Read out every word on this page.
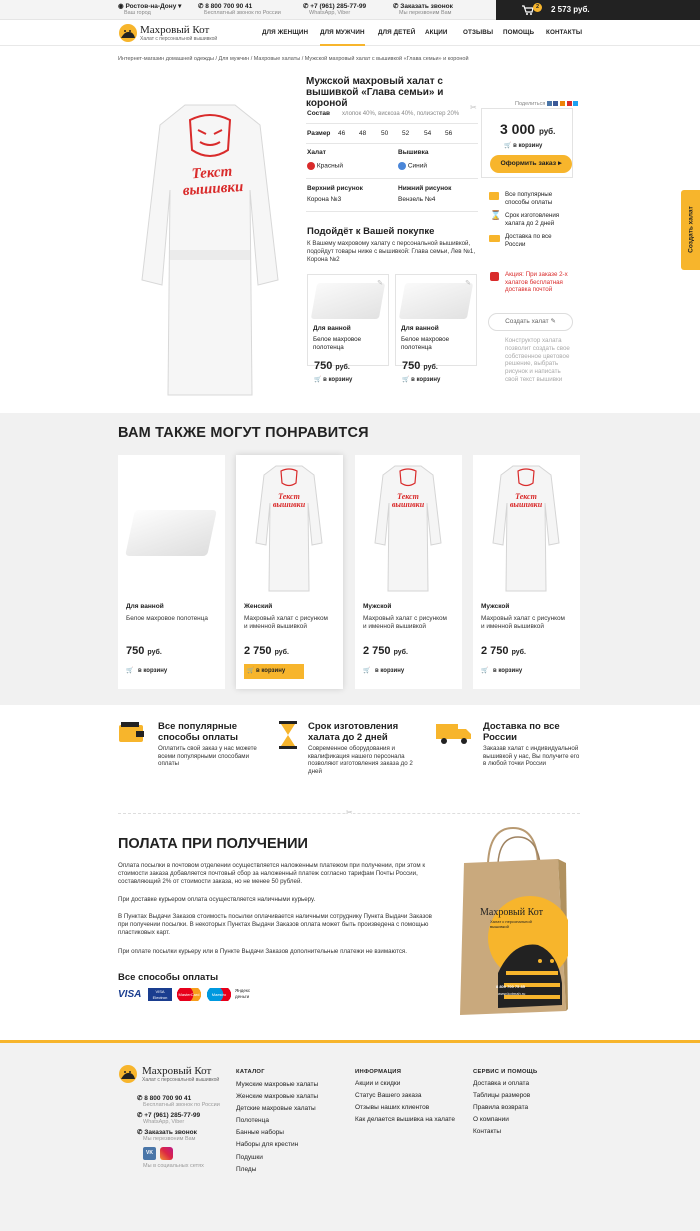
◉ Ростов-на-Дону ▾
Ваш город
✆ 8 800 700 90 41
Бесплатный звонок по России
✆ +7 (961) 285-77-99
WhatsApp, Viber
✆ Заказать звонок
Мы перезвоним Вам
2	2 573 руб.
Махровый Кот
Халат с персональной вышивкой
ДЛЯ ЖЕНЩИН ДЛЯ МУЖЧИН ДЛЯ ДЕТЕЙ АКЦИИ ОТЗЫВЫ ПОМОЩЬ КОНТАКТЫ
Интернет-магазин домашней одежды / Для мужчин / Махровые халаты / Мужской махровый халат с вышивкой «Глава семьи» и короной
Текст вышивки
Мужской махровый халат с вышивкой «Глава семьи» и короной
Состав хлопок 40%, вискоза 40%, полиэстер 20%
Размер 46 48 50 52 54 56
Халат
Красный
Вышивка
Синий
Верхний рисунок
Корона №3
Нижний рисунок
Вензель №4
Подойдёт к Вашей покупке
К Вашему махровому халату с персональной вышивкой, подойдут товары ниже с вышивкой: Глава семьи, Лев №1, Корона №2
✎
Для ванной
Белое махровое полотенца
750 руб.
🛒 в корзину
✎
Для ванной
Белое махровое полотенца
750 руб.
🛒 в корзину
Поделиться
✂
3 000 руб.
🛒 в корзину
Оформить заказ ▸
Все популярные способы оплаты
⌛ Срок изготовления халата до 2 дней
Доставка по все России
Акция: При заказе 2-х халатов бесплатная доставка почтой
Создать халат ✎
Конструктор халата позволит создать свое собственное цветовое решение, выбрать рисунок и написать свой текст вышивки
Создать халат
ВАМ ТАКЖЕ МОГУТ ПОНРАВИТСЯ
Для ванной
Белое махровое полотенца
750 руб.
🛒 в корзину
Текст вышивки
Женский
Махровый халат с рисунком и именной вышивкой
2 750 руб.
🛒 в корзину
Текст вышивки
Мужской
Махровый халат с рисунком и именной вышивкой
2 750 руб.
🛒 в корзину
Текст вышивки
Мужской
Махровый халат с рисунком и именной вышивкой
2 750 руб.
🛒 в корзину
Все популярные способы оплаты

Оплатить свой заказ у нас можете всеми популярными способами оплаты

Срок изготовления халата до 2 дней

Современное оборудования и квалификация нашего персонала позволяют изготовления заказа до 2 дней

Доставка по все России

Заказав халат с индивидуальной вышивкой у нас, Вы получите его в любой точки России

✂
ПОЛАТА ПРИ ПОЛУЧЕНИИ
Оплата посылки в почтовом отделении осуществляется наложенным платежом при получении, при этом к стоимости заказа добавляется почтовый сбор за наложенный платеж согласно тарифам Почты России, составляющий 2% от стоимости заказа, но не менее 50 рублей.
При доставке курьером оплата осуществляется наличными курьеру.
В Пунктах Выдачи Заказов стоимость посылки оплачивается наличными сотруднику Пункта Выдачи Заказов при получении посылки. В некоторых Пунктах Выдачи Заказов оплата может быть произведена с помощью пластиковых карт.
При оплате посылки курьеру или в Пункте Выдачи Заказов дополнительные платежи не взимаются.
Все способы оплаты
VISA	VISA Electron
MasterCard	Maestro
Яндекс деньги
Махровый Кот
Халат с персональной вышивкой
8 800 700 75 85
www.kotmah.ru
Махровый Кот
Халат с персональной вышивкой
✆ 8 800 700 90 41
Бесплатный звонок по России
✆ +7 (961) 285-77-99
WhatsApp, Viber
✆ Заказать звонок
Мы перезвоним Вам
VK
Мы в социальных сетях
КАТАЛОГ
Мужские махровые халаты
Женские махровые халаты
Детские махровые халаты
Полотенца
Банные наборы
Наборы для крестин
Подушки
Пледы
ИНФОРМАЦИЯ
Акции и скидки
Статус Вашего заказа
Отзывы наших клиентов
Как делается вышивка на халате
СЕРВИС И ПОМОЩЬ
Доставка и оплата
Таблицы размеров
Правила возврата
О компании
Контакты
